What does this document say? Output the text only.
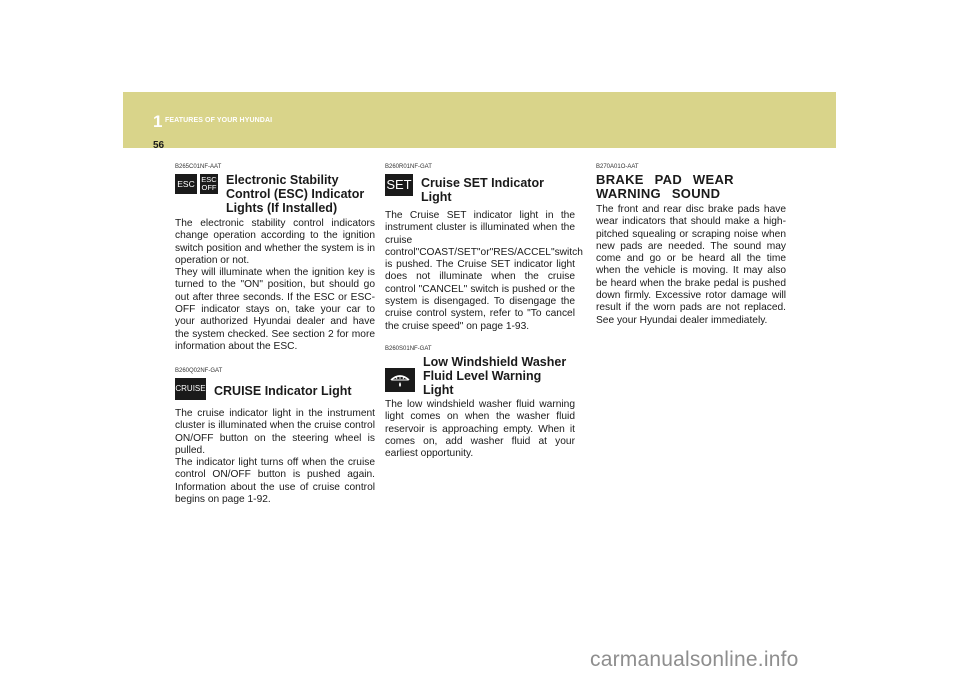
1 FEATURES OF YOUR HYUNDAI
56
B265C01NF-AAT
ESC ESC
OFF
Electronic Stability Control (ESC) Indicator Lights (If Installed)

The electronic stability control indicators change operation according to the ignition switch position and whether the system is in operation or not.

They will illuminate when the ignition key is turned to the "ON" position, but should go out after three seconds. If the ESC or ESC-OFF indicator stays on, take your car to your authorized Hyundai dealer and have the system checked. See section 2 for more information about the ESC.

B260Q02NF-GAT
CRUISE CRUISE Indicator Light

The cruise indicator light in the instrument cluster is illuminated when the cruise control ON/OFF button on the steering wheel is pulled.

The indicator light turns off when the cruise control ON/OFF button is pushed again. Information about the use of cruise control begins on page 1-92.

B260R01NF-GAT
SET Cruise SET Indicator Light

The Cruise SET indicator light in the instrument cluster is illuminated when the cruise control"COAST/SET"or"RES/ACCEL"switch is pushed. The Cruise SET indicator light does not illuminate when the cruise control "CANCEL" switch is pushed or the system is disengaged. To disengage the cruise control system, refer to "To cancel the cruise speed" on page 1-93.

B260S01NF-GAT
Low Windshield Washer Fluid Level Warning Light

The low windshield washer fluid warning light comes on when the washer fluid reservoir is approaching empty. When it comes on, add washer fluid at your earliest opportunity.

B270A01O-AAT
BRAKE PAD WEAR WARNING SOUND

The front and rear disc brake pads have wear indicators that should make a high-pitched squealing or scraping noise when new pads are needed. The sound may come and go or be heard all the time when the vehicle is moving. It may also be heard when the brake pedal is pushed down firmly. Excessive rotor damage will result if the worn pads are not replaced. See your Hyundai dealer immediately.

carmanualsonline.info
